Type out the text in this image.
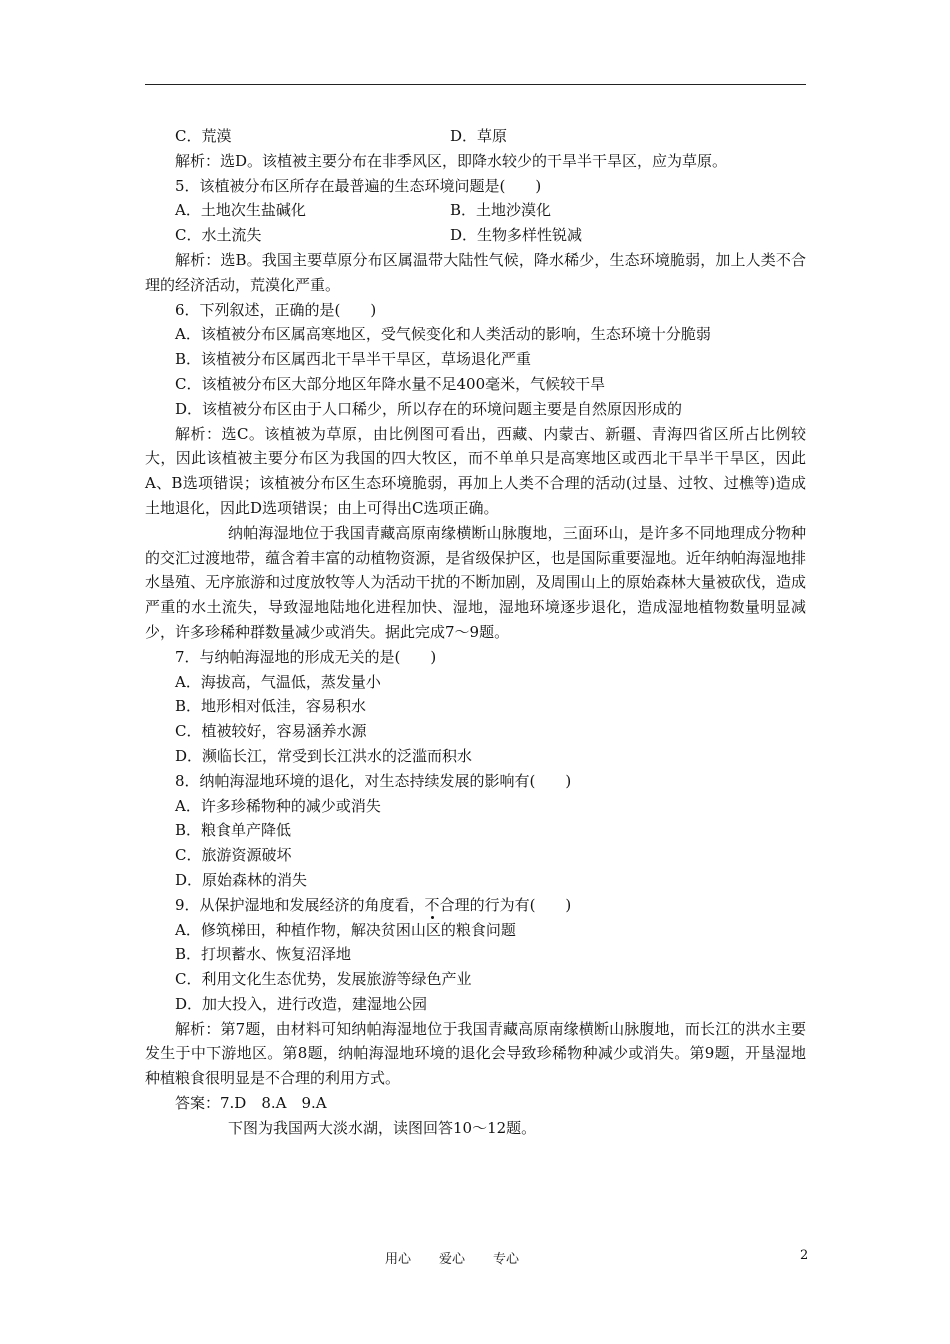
C．荒漠	D．草原
解析：选D。该植被主要分布在非季风区，即降水较少的干旱半干旱区，应为草原。
5．该植被分布区所存在最普遍的生态环境问题是(　　)
A．土地次生盐碱化	B．土地沙漠化
C．水土流失	D．生物多样性锐减
解析：选B。我国主要草原分布区属温带大陆性气候，降水稀少，生态环境脆弱，加上人类不合理的经济活动，荒漠化严重。
6．下列叙述，正确的是(　　)
A．该植被分布区属高寒地区，受气候变化和人类活动的影响，生态环境十分脆弱
B．该植被分布区属西北干旱半干旱区，草场退化严重
C．该植被分布区大部分地区年降水量不足400毫米，气候较干旱
D．该植被分布区由于人口稀少，所以存在的环境问题主要是自然原因形成的
解析：选C。该植被为草原，由比例图可看出，西藏、内蒙古、新疆、青海四省区所占比例较大，因此该植被主要分布区为我国的四大牧区，而不单单只是高寒地区或西北干旱半干旱区，因此A、B选项错误；该植被分布区生态环境脆弱，再加上人类不合理的活动(过垦、过牧、过樵等)造成土地退化，因此D选项错误；由上可得出C选项正确。
纳帕海湿地位于我国青藏高原南缘横断山脉腹地，三面环山，是许多不同地理成分物种的交汇过渡地带，蕴含着丰富的动植物资源，是省级保护区，也是国际重要湿地。近年纳帕海湿地排水垦殖、无序旅游和过度放牧等人为活动干扰的不断加剧，及周围山上的原始森林大量被砍伐，造成严重的水土流失，导致湿地陆地化进程加快、湿地，湿地环境逐步退化，造成湿地植物数量明显减少，许多珍稀种群数量减少或消失。据此完成7～9题。
7．与纳帕海湿地的形成无关的是(　　)
A．海拔高，气温低，蒸发量小
B．地形相对低洼，容易积水
C．植被较好，容易涵养水源
D．濒临长江，常受到长江洪水的泛滥而积水
8．纳帕海湿地环境的退化，对生态持续发展的影响有(　　)
A．许多珍稀物种的减少或消失
B．粮食单产降低
C．旅游资源破坏
D．原始森林的消失
9．从保护湿地和发展经济的角度看，不合理的行为有(　　)
A．修筑梯田，种植作物，解决贫困山区的粮食问题
B．打坝蓄水、恢复沼泽地
C．利用文化生态优势，发展旅游等绿色产业
D．加大投入，进行改造，建湿地公园
解析：第7题，由材料可知纳帕海湿地位于我国青藏高原南缘横断山脉腹地，而长江的洪水主要发生于中下游地区。第8题，纳帕海湿地环境的退化会导致珍稀物种减少或消失。第9题，开垦湿地种植粮食很明显是不合理的利用方式。
答案：7.D　8.A　9.A
下图为我国两大淡水湖，读图回答10～12题。
用心 爱心 专心	2
